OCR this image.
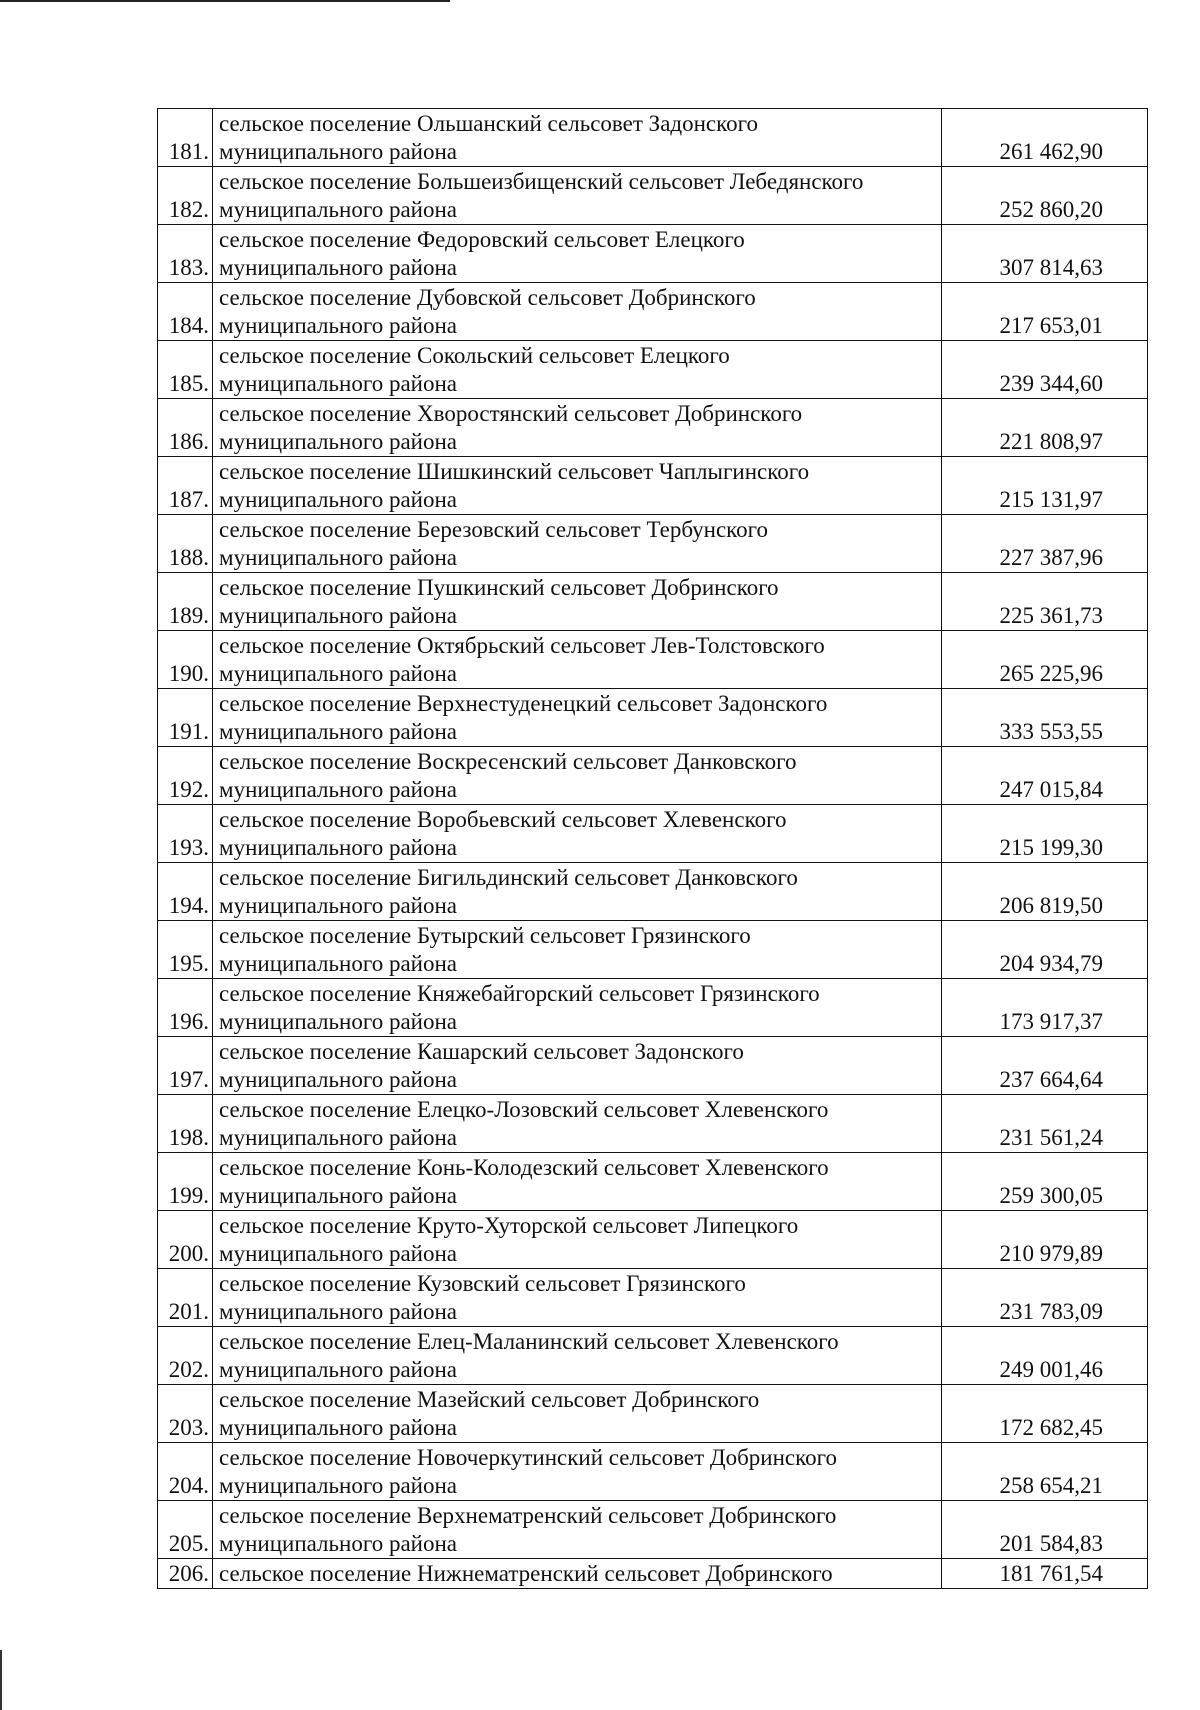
181.	сельское поселение Ольшанский сельсовет Задонского
муниципального района	261 462,90
182.	сельское поселение Большеизбищенский сельсовет Лебедянского
муниципального района	252 860,20
183.	сельское поселение Федоровский сельсовет Елецкого
муниципального района	307 814,63
184.	сельское поселение Дубовской сельсовет Добринского
муниципального района	217 653,01
185.	сельское поселение Сокольский сельсовет Елецкого
муниципального района	239 344,60
186.	сельское поселение Хворостянский сельсовет Добринского
муниципального района	221 808,97
187.	сельское поселение Шишкинский сельсовет Чаплыгинского
муниципального района	215 131,97
188.	сельское поселение Березовский сельсовет Тербунского
муниципального района	227 387,96
189.	сельское поселение Пушкинский сельсовет Добринского
муниципального района	225 361,73
190.	сельское поселение Октябрьский сельсовет Лев-Толстовского
муниципального района	265 225,96
191.	сельское поселение Верхнестуденецкий сельсовет Задонского
муниципального района	333 553,55
192.	сельское поселение Воскресенский сельсовет Данковского
муниципального района	247 015,84
193.	сельское поселение Воробьевский сельсовет Хлевенского
муниципального района	215 199,30
194.	сельское поселение Бигильдинский сельсовет Данковского
муниципального района	206 819,50
195.	сельское поселение Бутырский сельсовет Грязинского
муниципального района	204 934,79
196.	сельское поселение Княжебайгорский сельсовет Грязинского
муниципального района	173 917,37
197.	сельское поселение Кашарский сельсовет Задонского
муниципального района	237 664,64
198.	сельское поселение Елецко-Лозовский сельсовет Хлевенского
муниципального района	231 561,24
199.	сельское поселение Конь-Колодезский сельсовет Хлевенского
муниципального района	259 300,05
200.	сельское поселение Круто-Хуторской сельсовет Липецкого
муниципального района	210 979,89
201.	сельское поселение Кузовский сельсовет Грязинского
муниципального района	231 783,09
202.	сельское поселение Елец-Маланинский сельсовет Хлевенского
муниципального района	249 001,46
203.	сельское поселение Мазейский сельсовет Добринского
муниципального района	172 682,45
204.	сельское поселение Новочеркутинский сельсовет Добринского
муниципального района	258 654,21
205.	сельское поселение Верхнематренский сельсовет Добринского
муниципального района	201 584,83
206.	сельское поселение Нижнематренский сельсовет Добринского	181 761,54
